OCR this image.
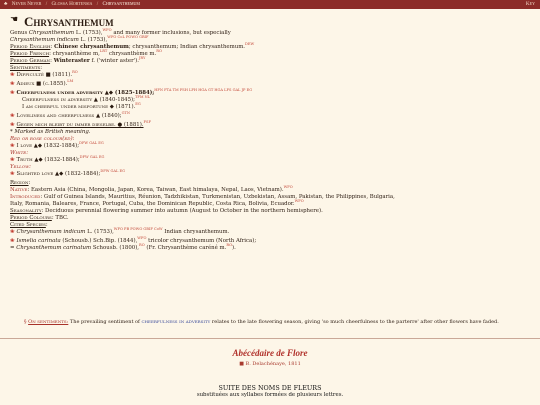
♣ Never Never / Glossa Hortensia / Chrysanthemum	Key
☚ Chrysanthemum
Genus Chrysanthemum L. (1753),$^{WFO}$ and many former inclusions, but especially
Chrysanthemum indicum L. (1753),$^{WFO CoL POWO GBIF}$
Period English: Chinese chrysanthemum; chrysanthemum; Indian chrysanthemum.$^{DEW}$
Period French: chrysanthème m,$^{LRT}$ chrysanthème m.$^{RO}$
Period German: Winteraster f. ('winter aster').$^{JRY}$
Sentiments:
❀ Difficulté ■ (1811).$^{RO}$
❀ Adieux ■ (c.1855).$^{LM}$
❀ Cheerfulness under adversity ▲◆ (1825-1884);$^{HFN FTA TM FSH LFH HGA GT HGA LFS GAL JP EG}$
Cheerfulness in adversity ▲ (1840-1845);$^{TFM NL}$
I am cheerful under misfortune ◆ (1871).$^{EG}$
❀ Loveliness and cheerfulness ▲ (1840);$^{GTN}$
❀ Gegen mich bleibt du immer dieselbe. ● (1881).$^{FSF}$
* Marked as British meaning.
Red or rose colour(ed):
❀ I love ▲◆ (1832-1884);$^{DFW GAL EG}$
White:
❀ Truth ▲◆ (1832-1884);$^{DFW GAL EG}$
Yellow:
❀ Slighted love ▲◆ (1832-1884);$^{DFW GAL EG}$
Region:
Native: Eastern Asia (China, Mongolia, Japan, Korea, Taiwan, East himalaya, Nepal, Laos, Vietnam).$^{WFO}$
Introduced: Gulf of Guinea Islands, Mauritius, Réunion, Tadzhikistan, Turkmenistan, Uzbekistan, Assam, Pakistan, the Philippines, Bulgaria,
Italy, Romania, Baleares, France, Portugal, Cuba, the Dominican Republic, Costa Rica, Bolivia, Ecuador.$^{WFO}$
Seasonality: Deciduous perennial flowering summer into autumn (August to October in the northern hemisphere).
Period Colours: TBC.
Cited Species:
❀ Chrysanthemum indicum L. (1753),$^{WFO PB POWO GBIF CoW}$ Indian chrysanthemum.
❀ Ismelia carinata (Schousb.) Sch.Bip. (1844),$^{WFO}$ tricolor chrysanthemum (North Africa);
= Chrysanthemum carinatum Schousb. (1800),$^{RO}$ (Fr. Chrysanthème caréné m.$^{RO}$).
§ On sentiments: The prevailing sentiment of cheerfulness in adversity relates to the late flowering season, giving 'so much cheerfulness to the parterre' after other flowers have faded.
Abécédaire de Flore
■ B. Delachénaye, 1811
SUITE DES NOMS DE FLEURS
substituées aux syllabes formées de plusieurs lettres.
